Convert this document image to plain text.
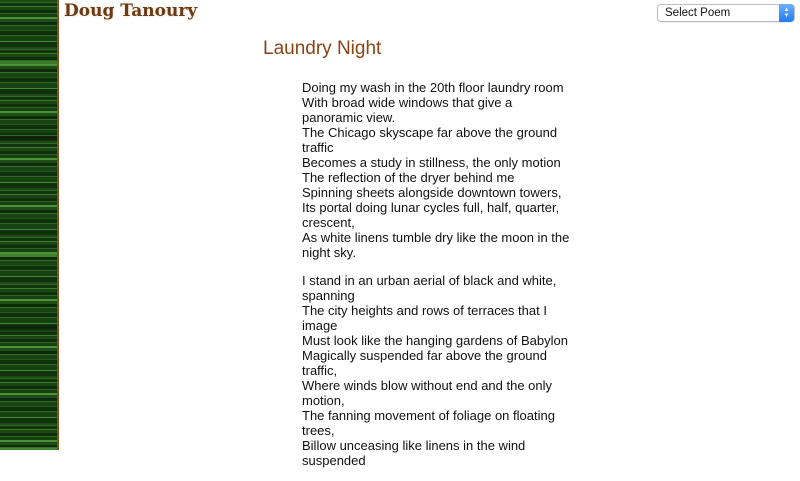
Doug Tanoury	Select Poem	▲
▼
Laundry Night
Doing my wash in the 20th floor laundry room
With broad wide windows that give a panoramic view.
The Chicago skyscape far above the ground traffic
Becomes a study in stillness, the only motion
The reflection of the dryer behind me
Spinning sheets alongside downtown towers,
Its portal doing lunar cycles full, half, quarter, crescent,
As white linens tumble dry like the moon in the night sky.
I stand in an urban aerial of black and white, spanning
The city heights and rows of terraces that I image
Must look like the hanging gardens of Babylon
Magically suspended far above the ground traffic,
Where winds blow without end and the only motion,
The fanning movement of foliage on floating trees,
Billow unceasing like linens in the wind suspended
